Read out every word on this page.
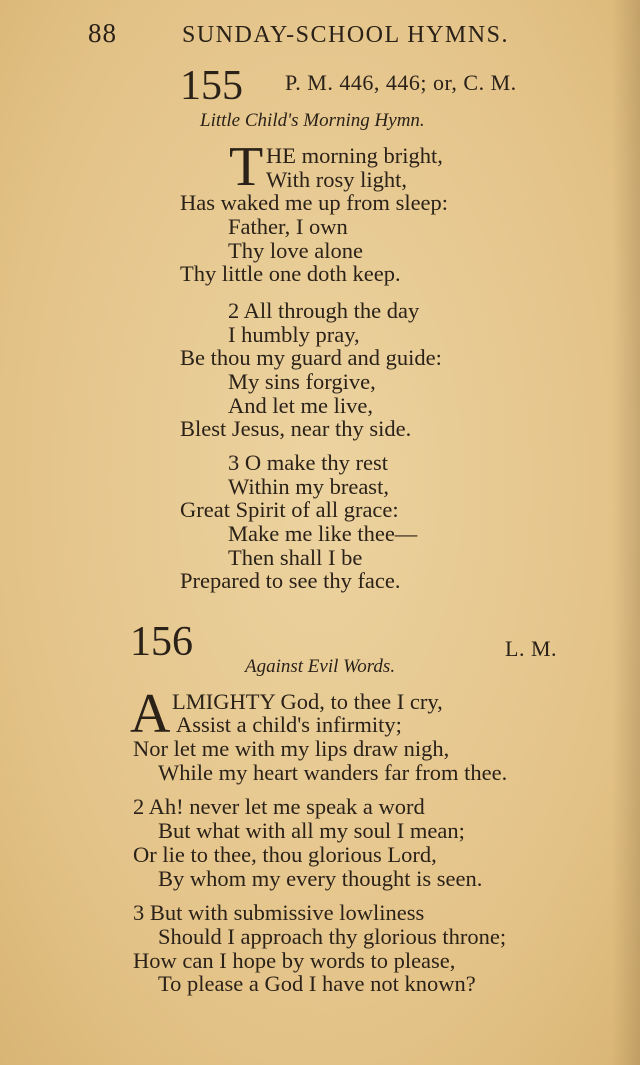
88	SUNDAY-SCHOOL HYMNS.
155 P. M. 446, 446; or, C. M.
Little Child's Morning Hymn.
T HE morning bright,
With rosy light,
Has waked me up from sleep:
Father, I own
Thy love alone
Thy little one doth keep.
2 All through the day
I humbly pray,
Be thou my guard and guide:
My sins forgive,
And let me live,
Blest Jesus, near thy side.
3 O make thy rest
Within my breast,
Great Spirit of all grace:
Make me like thee—
Then shall I be
Prepared to see thy face.
156	L. M.
Against Evil Words.
A LMIGHTY God, to thee I cry,
Assist a child's infirmity;
Nor let me with my lips draw nigh,
While my heart wanders far from thee.
2 Ah! never let me speak a word
But what with all my soul I mean;
Or lie to thee, thou glorious Lord,
By whom my every thought is seen.
3 But with submissive lowliness
Should I approach thy glorious throne;
How can I hope by words to please,
To please a God I have not known?
